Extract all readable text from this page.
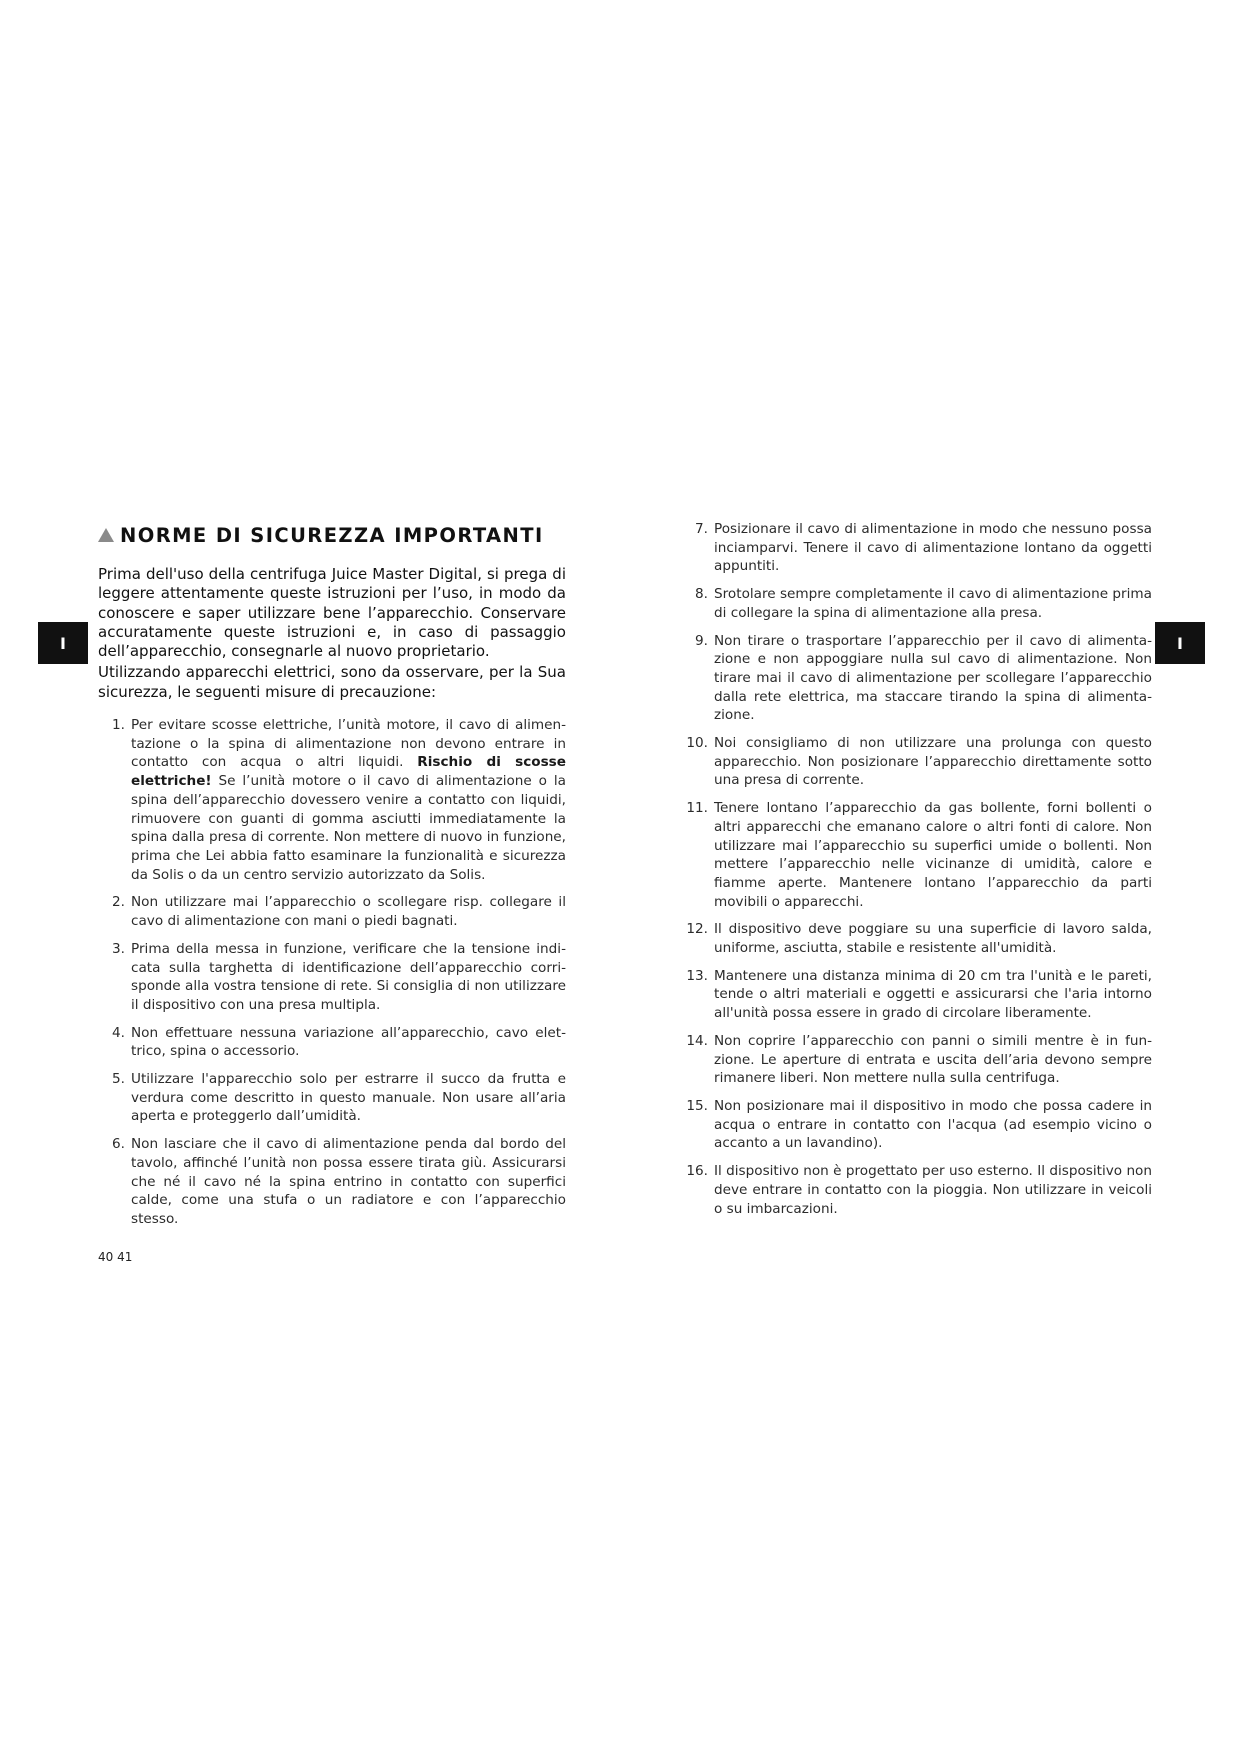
I	I
NORME DI SICUREZZA IMPORTANTI

Prima dell'uso della centrifuga Juice Master Digital, si prega di leggere attentamente queste istruzioni per l’uso, in modo da conoscere e saper utilizzare bene l’apparecchio. Conservare accuratamente queste istruzioni e, in caso di passaggio dell’apparecchio, consegnarle al nuovo proprietario.

Utilizzando apparecchi elettrici, sono da osservare, per la Sua sicurezza, le seguenti misure di precauzione:

1. Per evitare scosse elettriche, l’unità motore, il cavo di alimentazione o la spina di alimentazione non devono entrare in contatto con acqua o altri liquidi. Rischio di scosse elettriche! Se l’unità motore o il cavo di alimentazione o la spina dell’apparecchio dovessero venire a contatto con liquidi, rimuovere con guanti di gomma asciutti immediatamente la spina dalla presa di corrente. Non mettere di nuovo in funzione, prima che Lei abbia fatto esaminare la funzionalità e sicurezza da Solis o da un centro servizio autorizzato da Solis.
2. Non utilizzare mai l’apparecchio o scollegare risp. collegare il cavo di alimentazione con mani o piedi bagnati.
3. Prima della messa in funzione, verificare che la tensione indicata sulla targhetta di identificazione dell’apparecchio corrisponde alla vostra tensione di rete. Si consiglia di non utilizzare il dispositivo con una presa multipla.
4. Non effettuare nessuna variazione all’apparecchio, cavo elettrico, spina o accessorio.
5. Utilizzare l'apparecchio solo per estrarre il succo da frutta e verdura come descritto in questo manuale. Non usare all’aria aperta e proteggerlo dall’umidità.
6. Non lasciare che il cavo di alimentazione penda dal bordo del tavolo, affinché l’unità non possa essere tirata giù. Assicurarsi che né il cavo né la spina entrino in contatto con superfici calde, come una stufa o un radiatore e con l’apparecchio stesso.
7. Posizionare il cavo di alimentazione in modo che nessuno possa inciamparvi. Tenere il cavo di alimentazione lontano da oggetti appuntiti.
8. Srotolare sempre completamente il cavo di alimentazione prima di collegare la spina di alimentazione alla presa.
9. Non tirare o trasportare l’apparecchio per il cavo di alimentazione e non appoggiare nulla sul cavo di alimentazione. Non tirare mai il cavo di alimentazione per scollegare l’apparecchio dalla rete elettrica, ma staccare tirando la spina di alimentazione.
10. Noi consigliamo di non utilizzare una prolunga con questo apparecchio. Non posizionare l’apparecchio direttamente sotto una presa di corrente.
11. Tenere lontano l’apparecchio da gas bollente, forni bollenti o altri apparecchi che emanano calore o altri fonti di calore. Non utilizzare mai l’apparecchio su superfici umide o bollenti. Non mettere l’apparecchio nelle vicinanze di umidità, calore e fiamme aperte. Mantenere lontano l’apparecchio da parti movibili o apparecchi.
12. Il dispositivo deve poggiare su una superficie di lavoro salda, uniforme, asciutta, stabile e resistente all'umidità.
13. Mantenere una distanza minima di 20 cm tra l'unità e le pareti, tende o altri materiali e oggetti e assicurarsi che l'aria intorno all'unità possa essere in grado di circolare liberamente.
14. Non coprire l’apparecchio con panni o simili mentre è in funzione. Le aperture di entrata e uscita dell’aria devono sempre rimanere liberi. Non mettere nulla sulla centrifuga.
15. Non posizionare mai il dispositivo in modo che possa cadere in acqua o entrare in contatto con l'acqua (ad esempio vicino o accanto a un lavandino).
16. Il dispositivo non è progettato per uso esterno. Il dispositivo non deve entrare in contatto con la pioggia. Non utilizzare in veicoli o su imbarcazioni.
40 41
